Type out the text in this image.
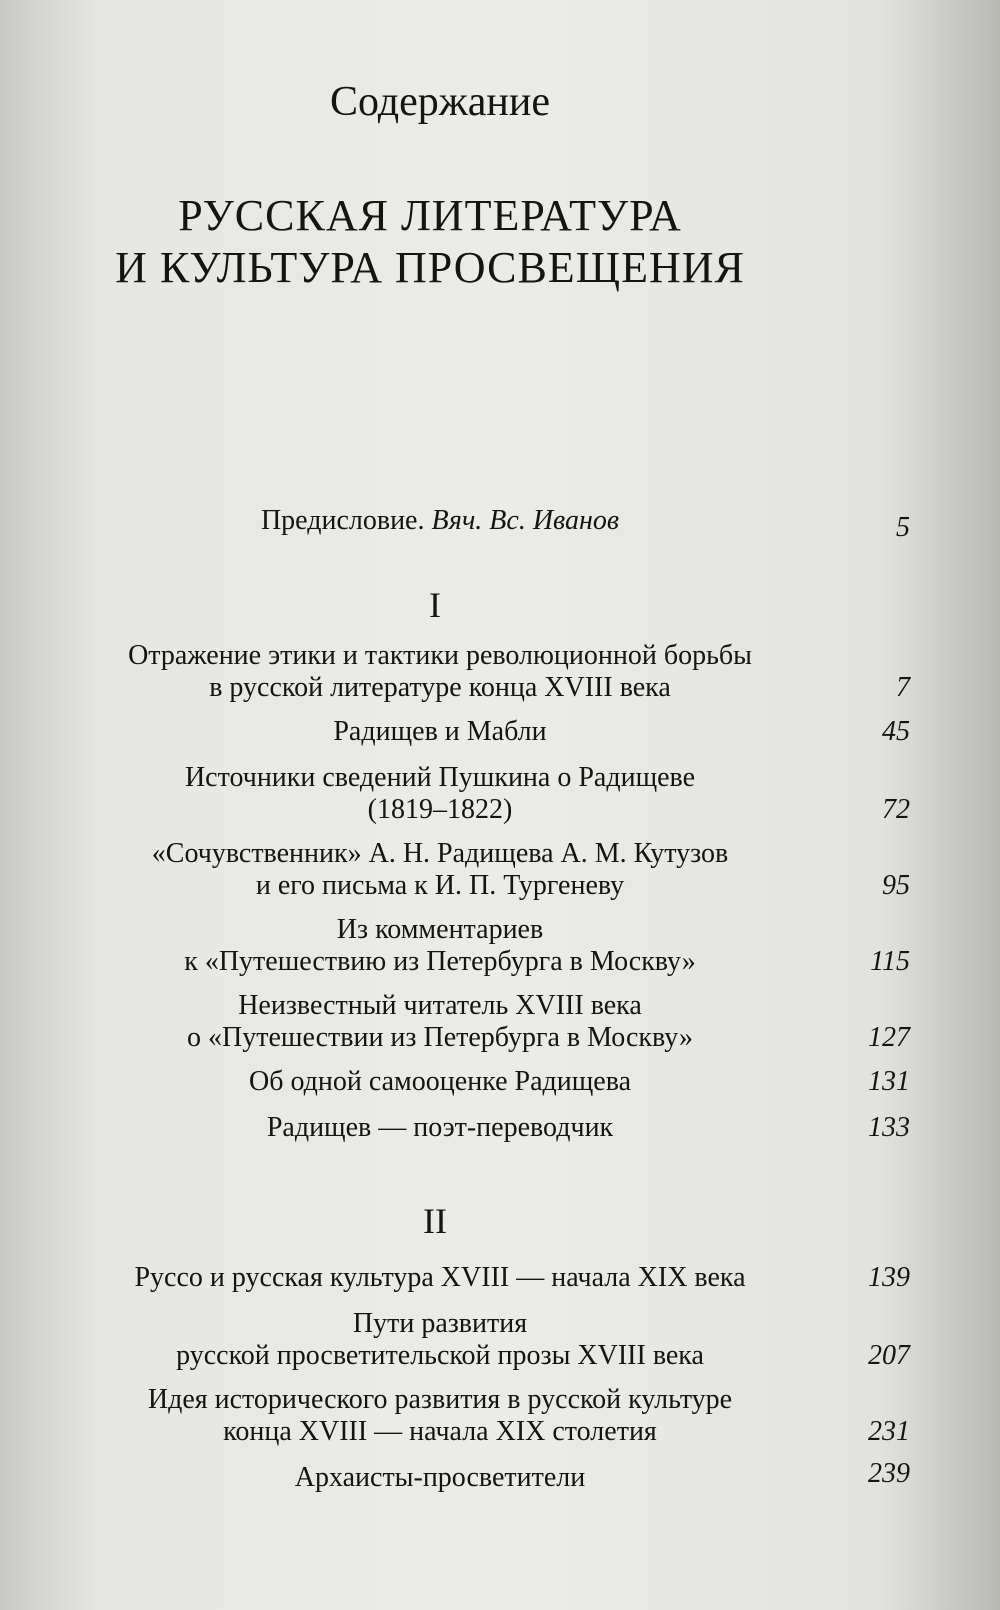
Содержание
РУССКАЯ ЛИТЕРАТУРА
И КУЛЬТУРА ПРОСВЕЩЕНИЯ
Предисловие. Вяч. Вс. Иванов	5
I
Отражение этики и тактики революционной борьбы
в русской литературе конца XVIII века	7
Радищев и Мабли	45
Источники сведений Пушкина о Радищеве
(1819–1822)	72
«Сочувственник» А. Н. Радищева А. М. Кутузов
и его письма к И. П. Тургеневу	95
Из комментариев
к «Путешествию из Петербурга в Москву»	115
Неизвестный читатель XVIII века
о «Путешествии из Петербурга в Москву»	127
Об одной самооценке Радищева	131
Радищев — поэт-переводчик	133
II
Руссо и русская культура XVIII — начала XIX века	139
Пути развития
русской просветительской прозы XVIII века	207
Идея исторического развития в русской культуре
конца XVIII — начала XIX столетия	231
Архаисты-просветители	239
